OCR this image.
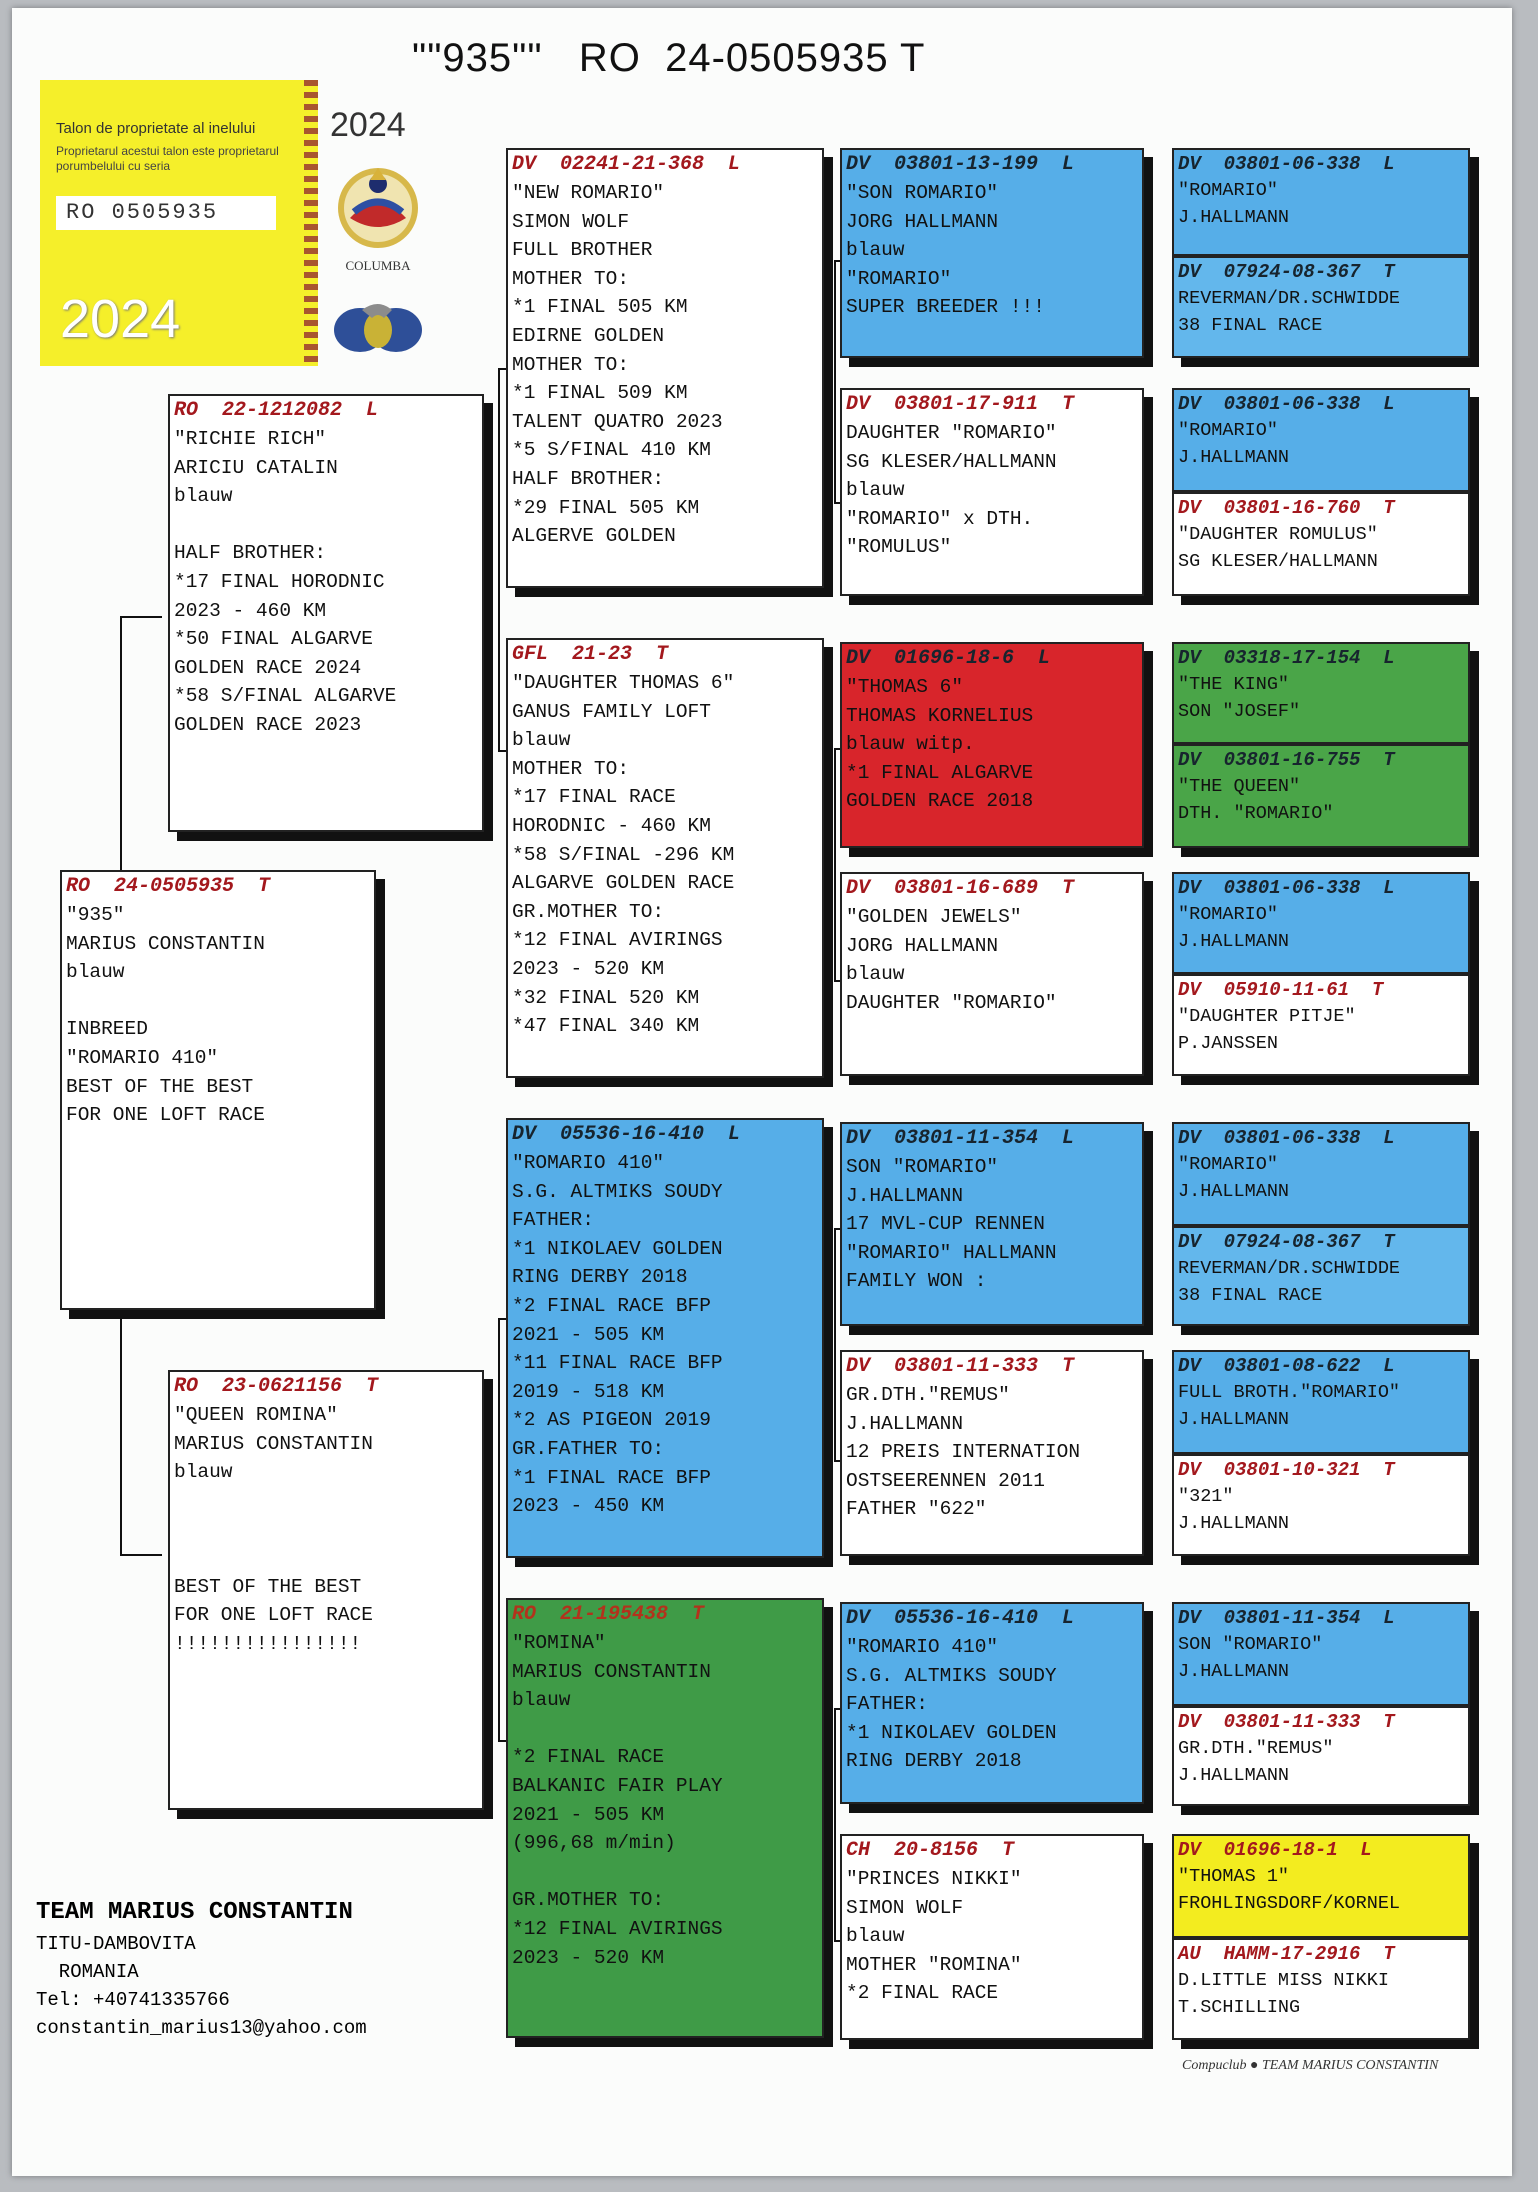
""935""   RO  24-0505935 T
Talon de proprietate al inelului
Proprietarul acestui talon este proprietarul porumbelului cu seria
RO 0505935
2024
2024
COLUMBA
RO  24-0505935  T
"935"
MARIUS CONSTANTIN
blauw

INBREED
"ROMARIO 410"
BEST OF THE BEST
FOR ONE LOFT RACE
RO  22-1212082  L
"RICHIE RICH"
ARICIU CATALIN
blauw

HALF BROTHER:
*17 FINAL HORODNIC
2023 - 460 KM
*50 FINAL ALGARVE
GOLDEN RACE 2024
*58 S/FINAL ALGARVE
GOLDEN RACE 2023
RO  23-0621156  T
"QUEEN ROMINA"
MARIUS CONSTANTIN
blauw

BEST OF THE BEST
FOR ONE LOFT RACE
!!!!!!!!!!!!!!!!
DV  02241-21-368  L
"NEW ROMARIO"
SIMON WOLF
FULL BROTHER
MOTHER TO:
*1 FINAL 505 KM
EDIRNE GOLDEN
MOTHER TO:
*1 FINAL 509 KM
TALENT QUATRO 2023
*5 S/FINAL 410 KM
HALF BROTHER:
*29 FINAL 505 KM
ALGERVE GOLDEN
GFL  21-23  T
"DAUGHTER THOMAS 6"
GANUS FAMILY LOFT
blauw
MOTHER TO:
*17 FINAL RACE
HORODNIC - 460 KM
*58 S/FINAL -296 KM
ALGARVE GOLDEN RACE
GR.MOTHER TO:
*12 FINAL AVIRINGS
2023 - 520 KM
*32 FINAL 520 KM
*47 FINAL 340 KM
DV  05536-16-410  L
"ROMARIO 410"
S.G. ALTMIKS SOUDY
FATHER:
*1 NIKOLAEV GOLDEN
RING DERBY 2018
*2 FINAL RACE BFP
2021 - 505 KM
*11 FINAL RACE BFP
2019 - 518 KM
*2 AS PIGEON 2019
GR.FATHER TO:
*1 FINAL RACE BFP
2023 - 450 KM
RO  21-195438  T
"ROMINA"
MARIUS CONSTANTIN
blauw

*2 FINAL RACE
BALKANIC FAIR PLAY
2021 - 505 KM
(996,68 m/min)

GR.MOTHER TO:
*12 FINAL AVIRINGS
2023 - 520 KM
DV  03801-13-199  L
"SON ROMARIO"
JORG HALLMANN
blauw
"ROMARIO"
SUPER BREEDER !!!
DV  03801-17-911  T
DAUGHTER "ROMARIO"
SG KLESER/HALLMANN
blauw
"ROMARIO" x DTH.
"ROMULUS"
DV  01696-18-6  L
"THOMAS 6"
THOMAS KORNELIUS
blauw witp.
*1 FINAL ALGARVE
GOLDEN RACE 2018
DV  03801-16-689  T
"GOLDEN JEWELS"
JORG HALLMANN
blauw
DAUGHTER "ROMARIO"
DV  03801-11-354  L
SON "ROMARIO"
J.HALLMANN
17 MVL-CUP RENNEN
"ROMARIO" HALLMANN
FAMILY WON :
DV  03801-11-333  T
GR.DTH."REMUS"
J.HALLMANN
12 PREIS INTERNATION
OSTSEERENNEN 2011
FATHER "622"
DV  05536-16-410  L
"ROMARIO 410"
S.G. ALTMIKS SOUDY
FATHER:
*1 NIKOLAEV GOLDEN
RING DERBY 2018
CH  20-8156  T
"PRINCES NIKKI"
SIMON WOLF
blauw
MOTHER "ROMINA"
*2 FINAL RACE
DV  03801-06-338  L
"ROMARIO"
J.HALLMANN
DV  07924-08-367  T
REVERMAN/DR.SCHWIDDE
38 FINAL RACE
DV  03801-06-338  L
"ROMARIO"
J.HALLMANN
DV  03801-16-760  T
"DAUGHTER ROMULUS"
SG KLESER/HALLMANN
DV  03318-17-154  L
"THE KING"
SON "JOSEF"
DV  03801-16-755  T
"THE QUEEN"
DTH. "ROMARIO"
DV  03801-06-338  L
"ROMARIO"
J.HALLMANN
DV  05910-11-61  T
"DAUGHTER PITJE"
P.JANSSEN
DV  03801-06-338  L
"ROMARIO"
J.HALLMANN
DV  07924-08-367  T
REVERMAN/DR.SCHWIDDE
38 FINAL RACE
DV  03801-08-622  L
FULL BROTH."ROMARIO"
J.HALLMANN
DV  03801-10-321  T
"321"
J.HALLMANN
DV  03801-11-354  L
SON "ROMARIO"
J.HALLMANN
DV  03801-11-333  T
GR.DTH."REMUS"
J.HALLMANN
DV  01696-18-1  L
"THOMAS 1"
FROHLINGSDORF/KORNEL
AU  HAMM-17-2916  T
D.LITTLE MISS NIKKI
T.SCHILLING
TEAM MARIUS CONSTANTIN
TITU-DAMBOVITA
ROMANIA
Tel: +40741335766
constantin_marius13@yahoo.com
Compuclub ● TEAM MARIUS CONSTANTIN
